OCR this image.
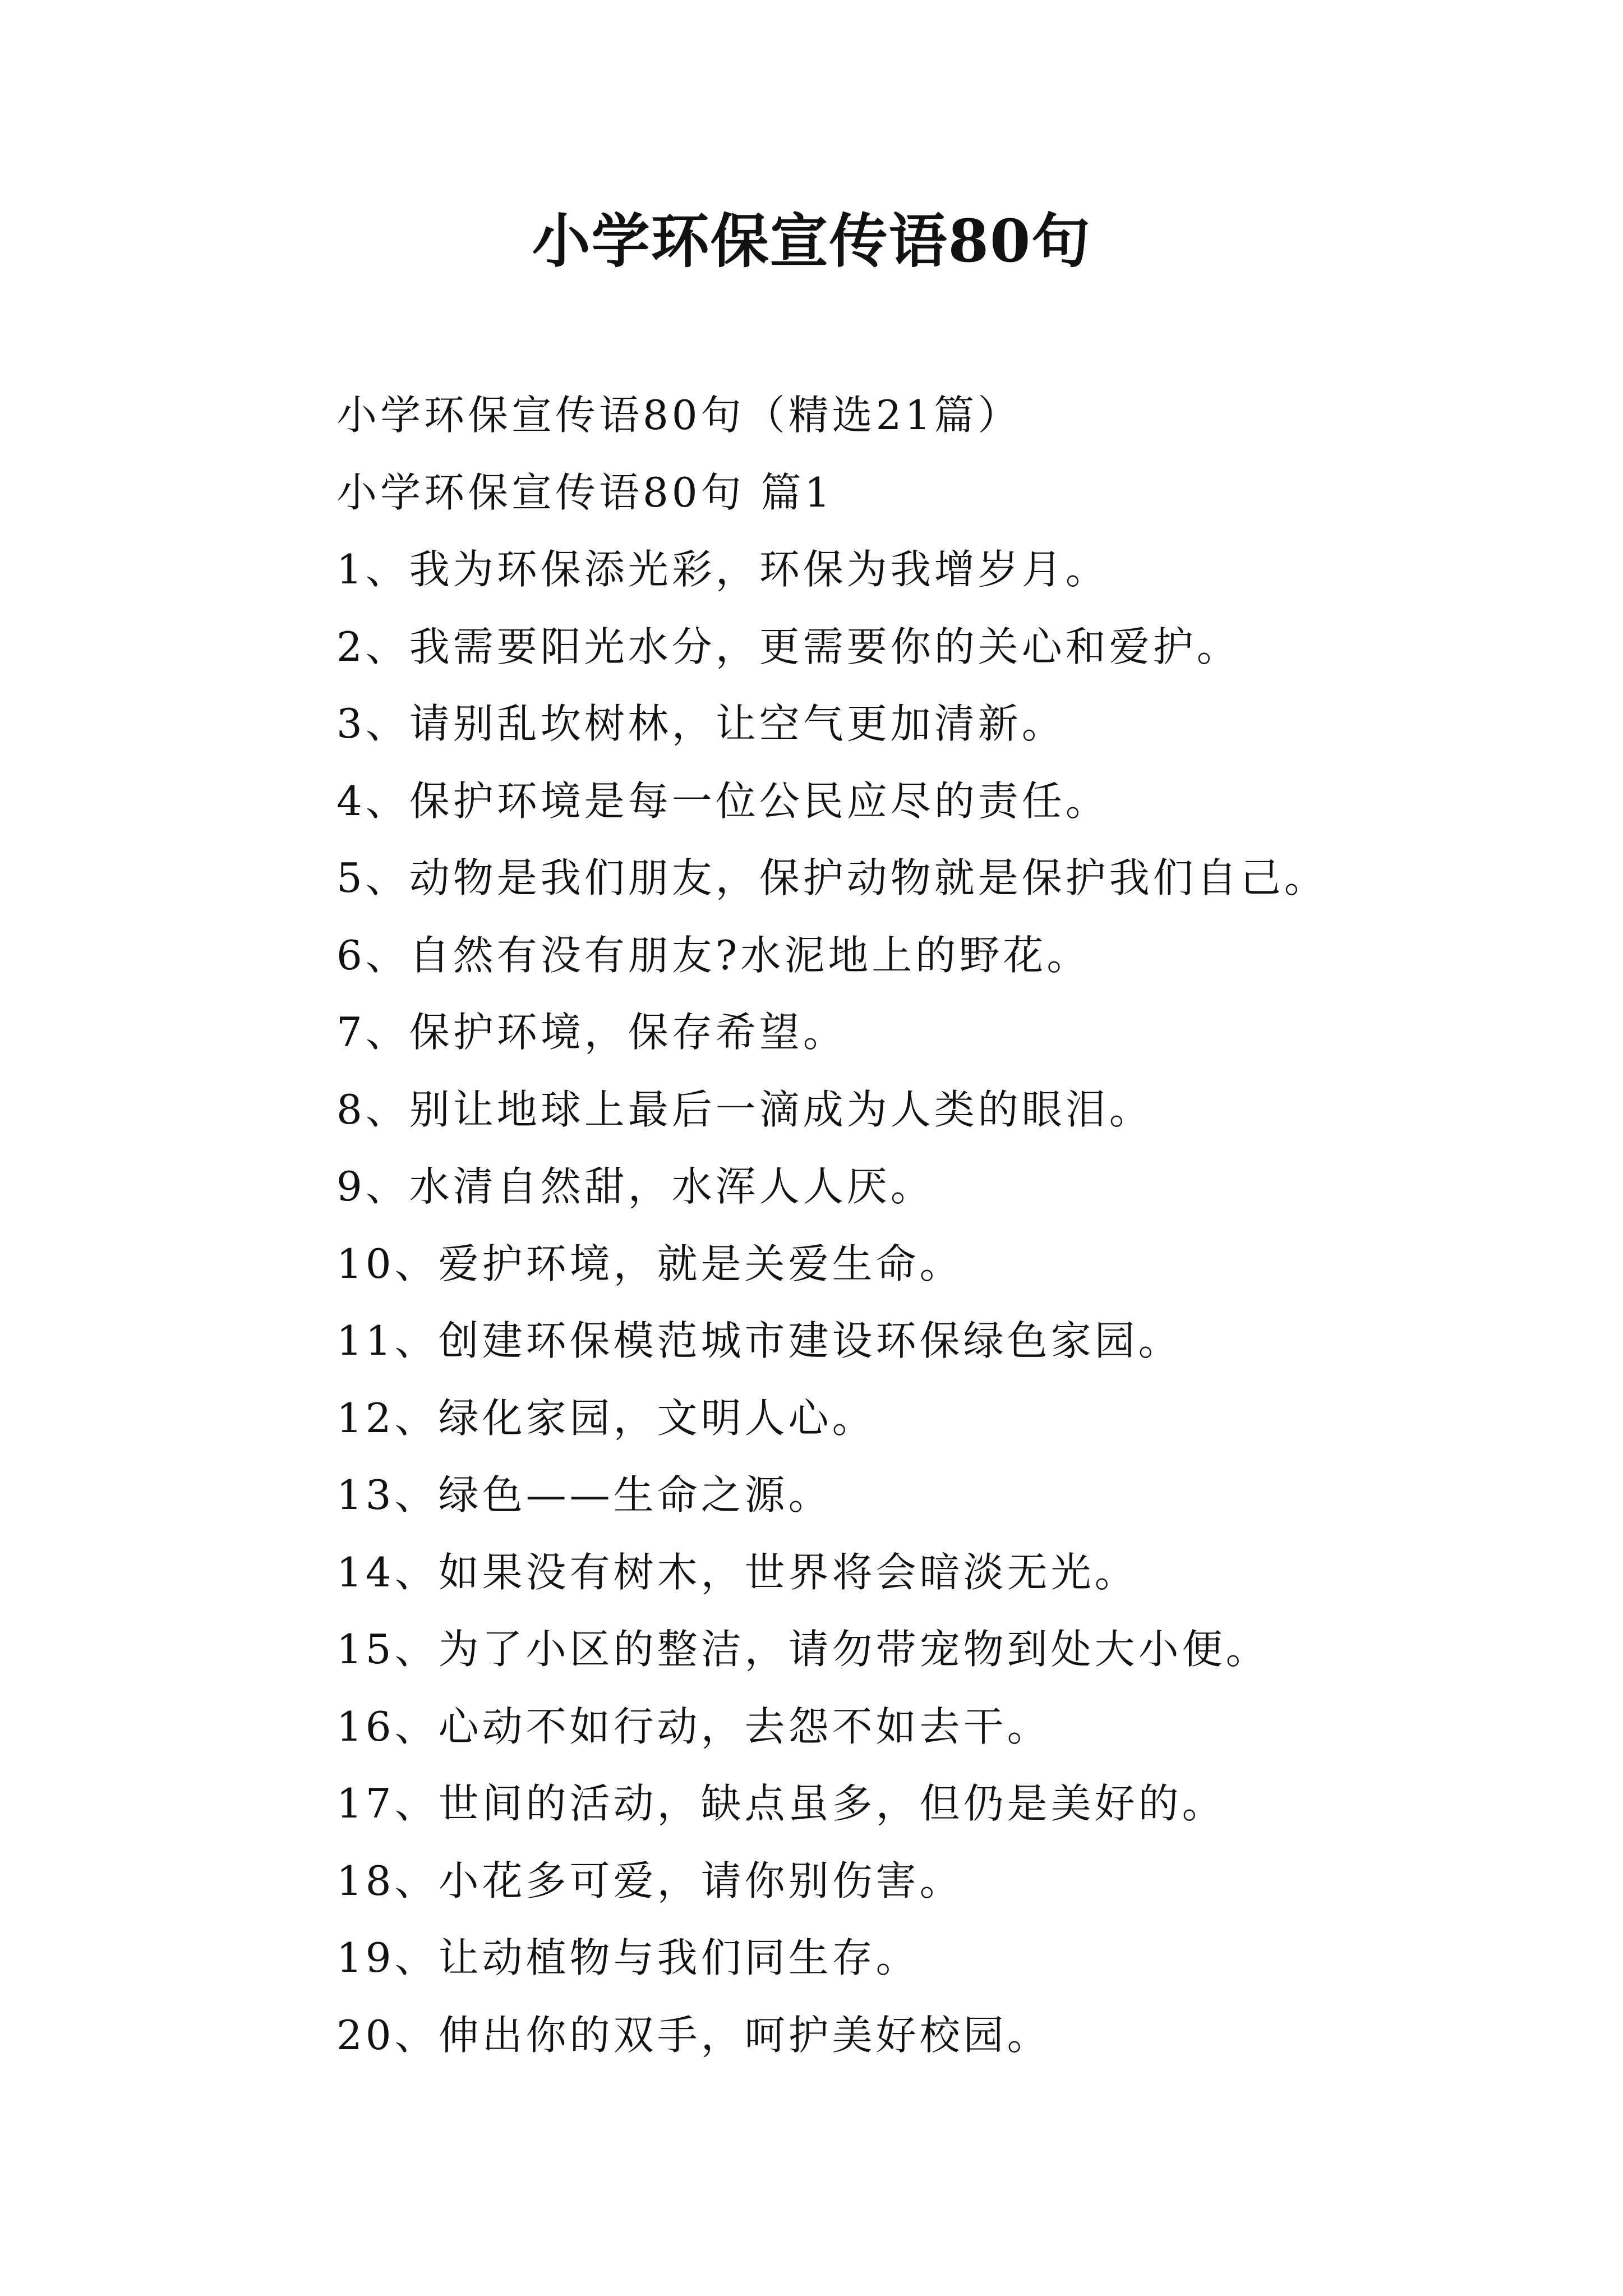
小学环保宣传语80句
小学环保宣传语80句（精选21篇）
小学环保宣传语80句 篇1
1、我为环保添光彩，环保为我增岁月。
2、我需要阳光水分，更需要你的关心和爱护。
3、请别乱坎树林，让空气更加清新。
4、保护环境是每一位公民应尽的责任。
5、动物是我们朋友，保护动物就是保护我们自己。
6、自然有没有朋友?水泥地上的野花。
7、保护环境，保存希望。
8、别让地球上最后一滴成为人类的眼泪。
9、水清自然甜，水浑人人厌。
10、爱护环境，就是关爱生命。
11、创建环保模范城市建设环保绿色家园。
12、绿化家园，文明人心。
13、绿色——生命之源。
14、如果没有树木，世界将会暗淡无光。
15、为了小区的整洁，请勿带宠物到处大小便。
16、心动不如行动，去怨不如去干。
17、世间的活动，缺点虽多，但仍是美好的。
18、小花多可爱，请你别伤害。
19、让动植物与我们同生存。
20、伸出你的双手，呵护美好校园。
